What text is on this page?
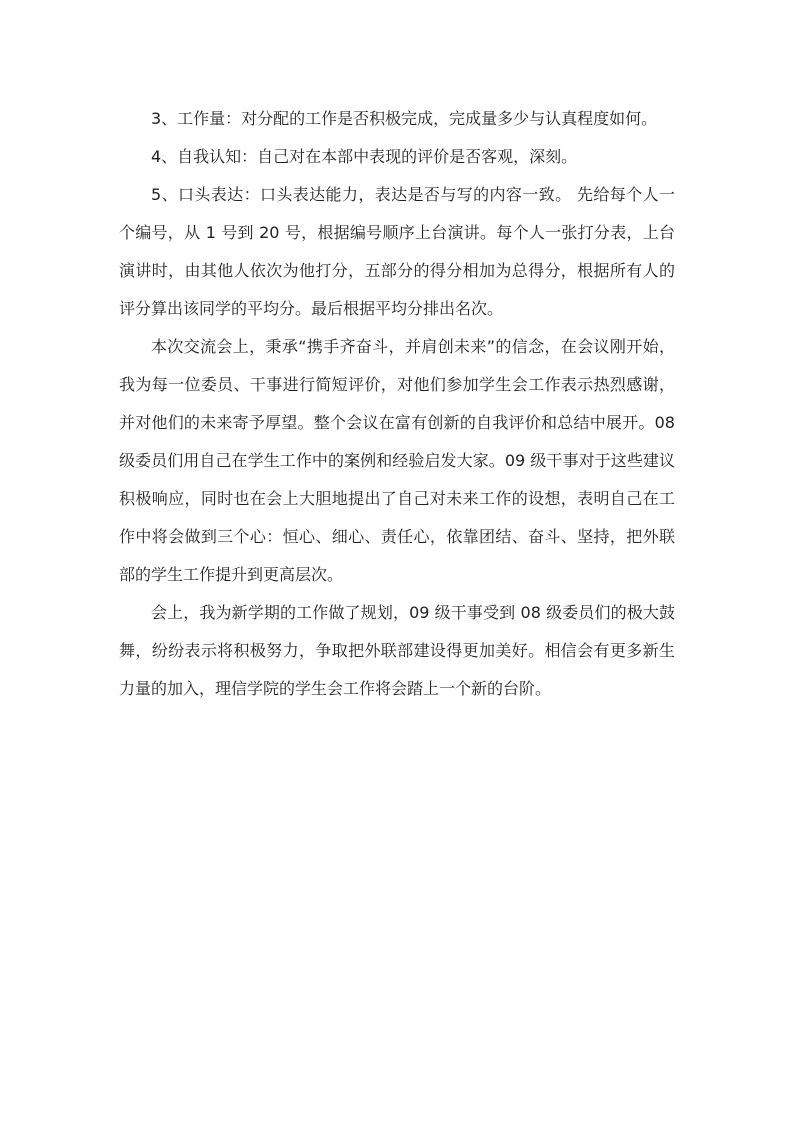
3、工作量：对分配的工作是否积极完成，完成量多少与认真程度如何。

4、自我认知：自己对在本部中表现的评价是否客观，深刻。

5、口头表达：口头表达能力，表达是否与写的内容一致。 先给每个人一个编号，从 1 号到 20 号，根据编号顺序上台演讲。每个人一张打分表，上台演讲时，由其他人依次为他打分，五部分的得分相加为总得分，根据所有人的评分算出该同学的平均分。最后根据平均分排出名次。

本次交流会上，秉承“携手齐奋斗，并肩创未来”的信念，在会议刚开始，我为每一位委员、干事进行简短评价，对他们参加学生会工作表示热烈感谢，并对他们的未来寄予厚望。整个会议在富有创新的自我评价和总结中展开。08 级委员们用自己在学生工作中的案例和经验启发大家。09 级干事对于这些建议积极响应，同时也在会上大胆地提出了自己对未来工作的设想，表明自己在工作中将会做到三个心：恒心、细心、责任心，依靠团结、奋斗、坚持，把外联部的学生工作提升到更高层次。

会上，我为新学期的工作做了规划，09 级干事受到 08 级委员们的极大鼓舞，纷纷表示将积极努力，争取把外联部建设得更加美好。相信会有更多新生力量的加入，理信学院的学生会工作将会踏上一个新的台阶。
